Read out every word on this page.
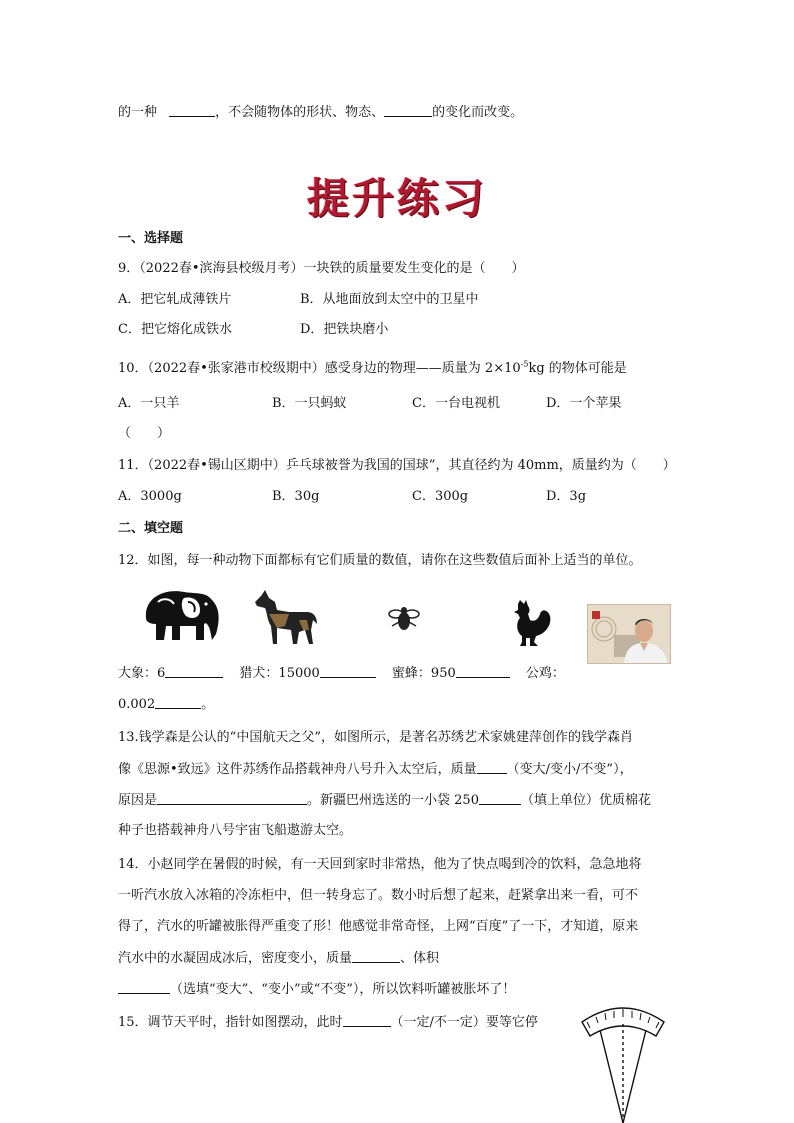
的一种	，不会随物体的形状、物态、	的变化而改变。
提升练习
一、选择题
9．（2022春•滨海县校级月考）一块铁的质量要发生变化的是（　　）
A．把它轧成薄铁片	B．从地面放到太空中的卫星中
C．把它熔化成铁水	D．把铁块磨小
10．（2022春•张家港市校级期中）感受身边的物理——质量为 $2\times 10^{-5}kg$ 的物体可能是
A．一只羊	B．一只蚂蚁	C．一台电视机	D．一个苹果
（　　）
11．（2022春•锡山区期中）乒乓球被誉为我国的国球”，其直径约为 40mm，质量约为（　　）
A．3000g	B．30g	C．300g	D．3g
二、填空题
12．如图，每一种动物下面都标有它们质量的数值，请你在这些数值后面补上适当的单位。
大象：6	猎犬：15000	蜜蜂：950	公鸡：
0.002	。
13.钱学森是公认的“中国航天之父”，如图所示，是著名苏绣艺术家姚建萍创作的钱学森肖
像《思源•致远》这件苏绣作品搭载神舟八号升入太空后，质量 （变大/变小/不变”），
原因是	。新疆巴州选送的一小袋 250	（填上单位）优质棉花
种子也搭载神舟八号宇宙飞船遨游太空。
14．小赵同学在暑假的时候，有一天回到家时非常热，他为了快点喝到冷的饮料，急急地将
一听汽水放入冰箱的冷冻柜中，但一转身忘了。数小时后想了起来，赶紧拿出来一看，可不
得了，汽水的听罐被胀得严重变了形！他感觉非常奇怪，上网“百度”了一下，才知道，原来
汽水中的水凝固成冰后，密度变小，质量	、体积
（选填“变大”、“变小”或“不变”），所以饮料听罐被胀坏了！
15．调节天平时，指针如图摆动，此时	（一定/不一定）要等它停
